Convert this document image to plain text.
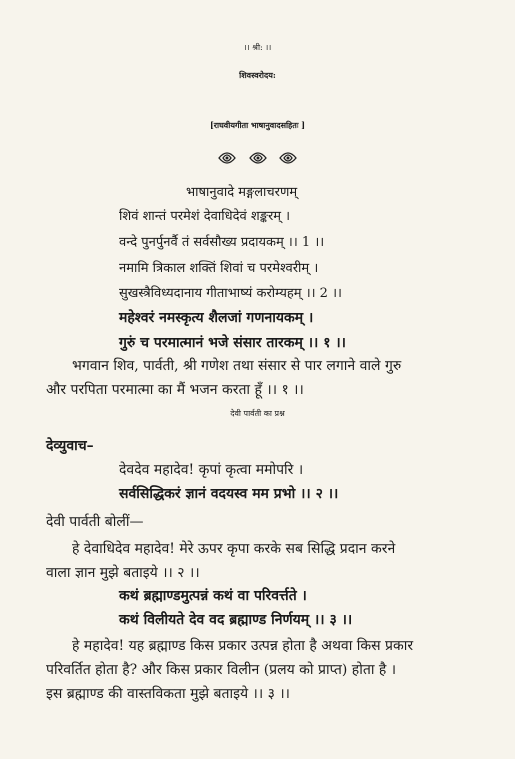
।। श्री: ।।
शिवस्वरोदय:
[राघवीयगीता भाषानुवादसहितः ]

भाषानुवादे मङ्गलाचरणम्
शिवं शान्तं परमेशं देवाधिदेवं शङ्करम् ।
वन्दे पुनर्पुनर्वै तं सर्वसौख्य प्रदायकम् ।। 1 ।।
नमामि त्रिकाल शक्तिं शिवां च परमेश्वरीम् ।
सुखस्त्रैविध्यदानाय गीताभाष्यं करोम्यहम् ।। 2 ।।
महेश्वरं नमस्कृत्य शैलजां गणनायकम् ।
गुरुं च परमात्मानं भजे संसार तारकम् ।। १ ।।
भगवान शिव, पार्वती, श्री गणेश तथा संसार से पार लगाने वाले गुरु
और परपिता परमात्मा का मैं भजन करता हूँ ।। १ ।।
देवी पार्वती का प्रश्न
देव्युवाच–
देवदेव महादेव! कृपां कृत्वा ममोपरि ।
सर्वसिद्धिकरं ज्ञानं वदयस्व मम प्रभो ।। २ ।।
देवी पार्वती बोलीं—
हे देवाधिदेव महादेव! मेरे ऊपर कृपा करके सब सिद्धि प्रदान करने
वाला ज्ञान मुझे बताइये ।। २ ।।
कथं ब्रह्माण्डमुत्पन्नं कथं वा परिवर्त्तते ।
कथं विलीयते देव वद ब्रह्माण्ड निर्णयम् ।। ३ ।।
हे महादेव! यह ब्रह्माण्ड किस प्रकार उत्पन्न होता है अथवा किस प्रकार
परिवर्तित होता है? और किस प्रकार विलीन (प्रलय को प्राप्त) होता है ।
इस ब्रह्माण्ड की वास्तविकता मुझे बताइये ।। ३ ।।
